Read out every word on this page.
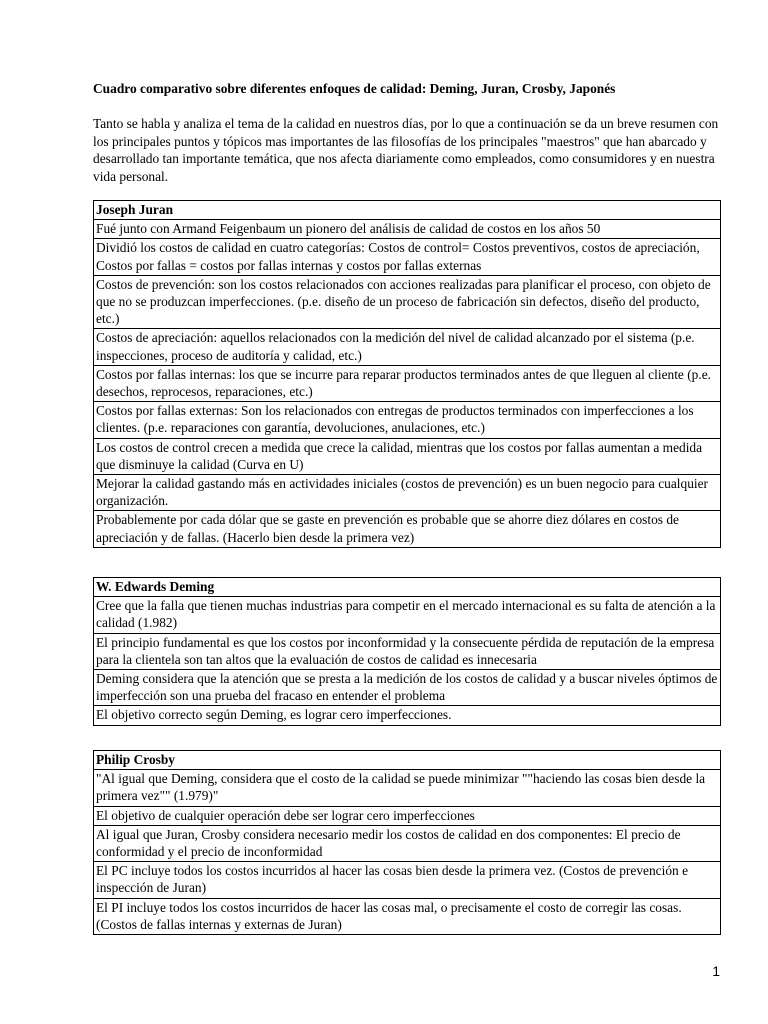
Cuadro comparativo sobre diferentes enfoques de calidad: Deming, Juran, Crosby, Japonés
Tanto se habla y analiza el tema de la calidad en nuestros días, por lo que a continuación se da un breve resumen con los principales puntos y tópicos mas importantes de las filosofías de los principales "maestros" que han abarcado y desarrollado tan importante temática, que nos afecta diariamente como empleados, como consumidores y en nuestra vida personal.
Joseph Juran
Fué junto con Armand Feigenbaum un pionero del análisis de calidad de costos en los años 50
Dividió los costos de calidad en cuatro categorías: Costos de control= Costos preventivos, costos de apreciación, Costos por fallas = costos por fallas internas y costos por fallas externas
Costos de prevención: son los costos relacionados con acciones realizadas para planificar el proceso, con objeto de que no se produzcan imperfecciones. (p.e. diseño de un proceso de fabricación sin defectos, diseño del producto, etc.)
Costos de apreciación: aquellos relacionados con la medición del nivel de calidad alcanzado por el sistema (p.e. inspecciones, proceso de auditoría y calidad, etc.)
Costos por fallas internas: los que se incurre para reparar productos terminados antes de que lleguen al cliente (p.e. desechos, reprocesos, reparaciones, etc.)
Costos por fallas externas: Son los relacionados con entregas de productos terminados con imperfecciones a los clientes. (p.e. reparaciones con garantía, devoluciones, anulaciones, etc.)
Los costos de control crecen a medida que crece la calidad, mientras que los costos por fallas aumentan a medida que disminuye la calidad (Curva en U)
Mejorar la calidad gastando más en actividades iniciales (costos de prevención) es un buen negocio para cualquier organización.
Probablemente por cada dólar que se gaste en prevención es probable que se ahorre diez dólares en costos de apreciación y de fallas. (Hacerlo bien desde la primera vez)
W. Edwards Deming
Cree que la falla que tienen muchas industrias para competir en el mercado internacional es su falta de atención a la calidad (1.982)
El principio fundamental es que los costos por inconformidad y la consecuente pérdida de reputación de la empresa para la clientela son tan altos que la evaluación de costos de calidad es innecesaria
Deming considera que la atención que se presta a la medición de los costos de calidad y a buscar niveles óptimos de imperfección son una prueba del fracaso en entender el problema
El objetivo correcto según Deming, es lograr cero imperfecciones.
Philip Crosby
"Al igual que Deming, considera que el costo de la calidad se puede minimizar ""haciendo las cosas bien desde la primera vez"" (1.979)"
El objetivo de cualquier operación debe ser lograr cero imperfecciones
Al igual que Juran, Crosby considera necesario medir los costos de calidad en dos componentes: El precio de conformidad y el precio de inconformidad
El PC incluye todos los costos incurridos al hacer las cosas bien desde la primera vez. (Costos de prevención e inspección de Juran)
El PI incluye todos los costos incurridos de hacer las cosas mal, o precisamente el costo de corregir las cosas. (Costos de fallas internas y externas de Juran)
1
